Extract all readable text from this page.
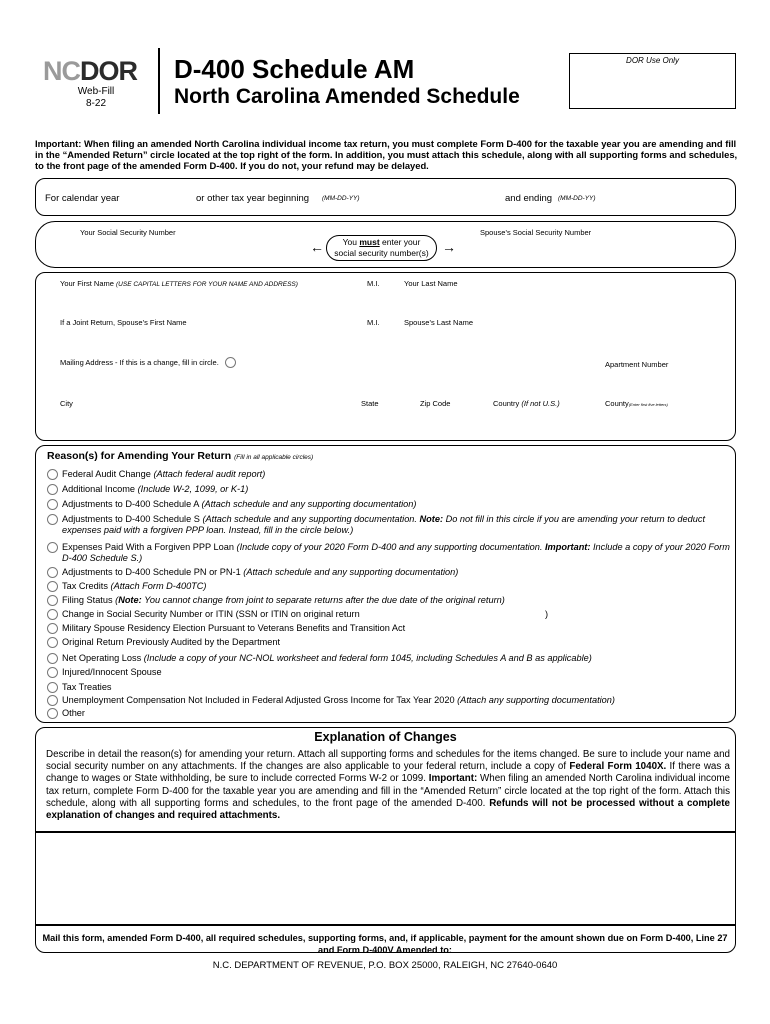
NCDOR
Web-Fill
8-22
D-400 Schedule AM
North Carolina Amended Schedule
DOR Use Only
Important: When filing an amended North Carolina individual income tax return, you must complete Form D-400 for the taxable year you are amending and fill in the “Amended Return” circle located at the top right of the form. In addition, you must attach this schedule, along with all supporting forms and schedules, to the front page of the amended Form D-400. If you do not, your refund may be delayed.
For calendar year	or other tax year beginning (MM-DD-YY)	and ending (MM-DD-YY)
Your Social Security Number	Spouse’s Social Security Number
←	You must enter your
social security number(s) →
Your First Name (USE CAPITAL LETTERS FOR YOUR NAME AND ADDRESS)	M.I.	Your Last Name
If a Joint Return, Spouse’s First Name	M.I.	Spouse’s Last Name
Mailing Address - If this is a change, fill in circle.	Apartment Number
City	State	Zip Code	Country (If not U.S.)	County(Enter first five letters)
Reason(s) for Amending Your Return (Fill in all applicable circles)
Federal Audit Change (Attach federal audit report)
Additional Income (Include W-2, 1099, or K-1)
Adjustments to D-400 Schedule A (Attach schedule and any supporting documentation)
Adjustments to D-400 Schedule S (Attach schedule and any supporting documentation. Note: Do not fill in this circle if you are amending your return to deduct expenses paid with a forgiven PPP loan. Instead, fill in the circle below.)
Expenses Paid With a Forgiven PPP Loan (Include copy of your 2020 Form D-400 and any supporting documentation. Important: Include a copy of your 2020 Form D-400 Schedule S.)
Adjustments to D-400 Schedule PN or PN-1 (Attach schedule and any supporting documentation)
Tax Credits (Attach Form D-400TC)
Filing Status (Note: You cannot change from joint to separate returns after the due date of the original return)
Change in Social Security Number or ITIN (SSN or ITIN on original return	)
Military Spouse Residency Election Pursuant to Veterans Benefits and Transition Act
Original Return Previously Audited by the Department
Net Operating Loss (Include a copy of your NC-NOL worksheet and federal form 1045, including Schedules A and B as applicable)
Injured/Innocent Spouse
Tax Treaties
Unemployment Compensation Not Included in Federal Adjusted Gross Income for Tax Year 2020 (Attach any supporting documentation)
Other
Explanation of Changes
Describe in detail the reason(s) for amending your return. Attach all supporting forms and schedules for the items changed. Be sure to include your name and social security number on any attachments. If the changes are also applicable to your federal return, include a copy of Federal Form 1040X. If there was a change to wages or State withholding, be sure to include corrected Forms W-2 or 1099. Important: When filing an amended North Carolina individual income tax return, complete Form D-400 for the taxable year you are amending and fill in the “Amended Return” circle located at the top right of the form. Attach this schedule, along with all supporting forms and schedules, to the front page of the amended D-400. Refunds will not be processed without a complete explanation of changes and required attachments.
Mail this form, amended Form D-400, all required schedules, supporting forms, and, if applicable, payment for the amount shown due on Form D-400, Line 27 and Form D-400V Amended to:
N.C. DEPARTMENT OF REVENUE, P.O. BOX 25000, RALEIGH, NC 27640-0640
